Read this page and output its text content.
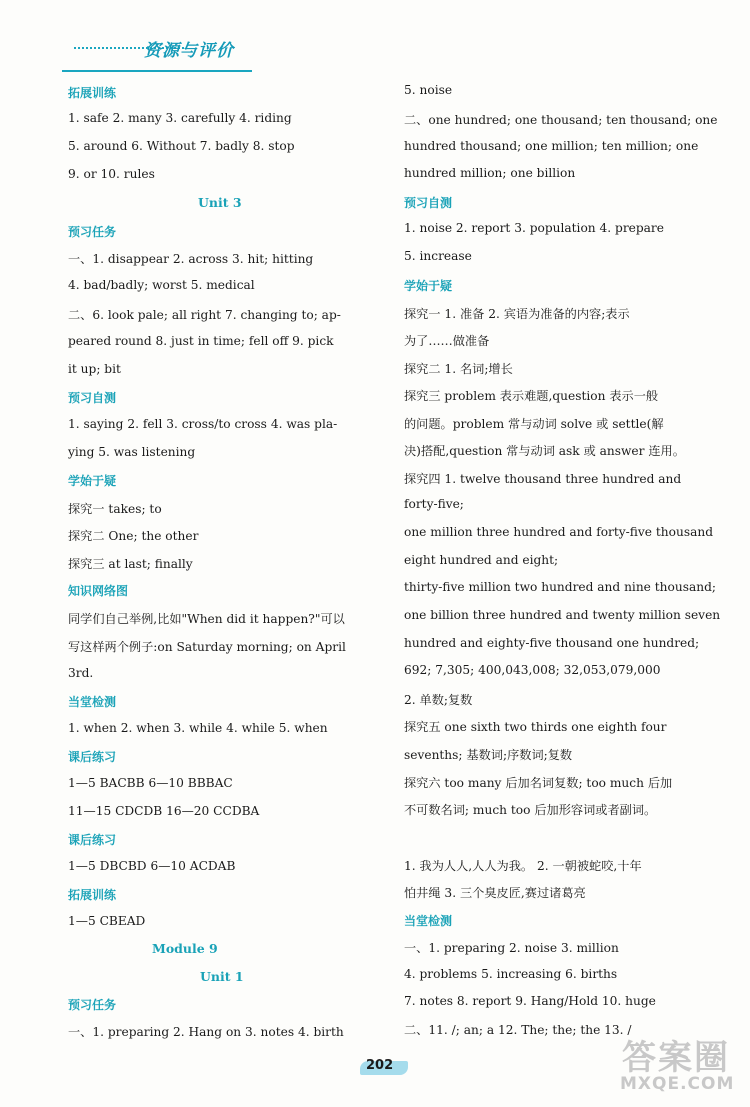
资源与评价
拓展训练
1. safe 2. many 3. carefully 4. riding
5. around 6. Without 7. badly 8. stop
9. or 10. rules
Unit 3
预习任务
一、1. disappear 2. across 3. hit; hitting
4. bad/badly; worst 5. medical
二、6. look pale; all right 7. changing to; ap-
peared round 8. just in time; fell off 9. pick
it up; bit
预习自测
1. saying 2. fell 3. cross/to cross 4. was pla-
ying 5. was listening
学始于疑
探究一 takes; to
探究二 One; the other
探究三 at last; finally
知识网络图
同学们自己举例,比如"When did it happen?"可以
写这样两个例子:on Saturday morning; on April
3rd.
当堂检测
1. when 2. when 3. while 4. while 5. when
课后练习
1—5 BACBB 6—10 BBBAC
11—15 CDCDB 16—20 CCDBA
课后练习
1—5 DBCBD 6—10 ACDAB
拓展训练
1—5 CBEAD
Module 9
Unit 1
预习任务
一、1. preparing 2. Hang on 3. notes 4. birth
5. noise
二、one hundred; one thousand; ten thousand; one
hundred thousand; one million; ten million; one
hundred million; one billion
预习自测
1. noise 2. report 3. population 4. prepare
5. increase
学始于疑
探究一 1. 准备 2. 宾语为准备的内容;表示
为了……做准备
探究二 1. 名词;增长
探究三 problem 表示难题,question 表示一般
的问题。problem 常与动词 solve 或 settle(解
决)搭配,question 常与动词 ask 或 answer 连用。
探究四 1. twelve thousand three hundred and
forty-five;
one million three hundred and forty-five thousand
eight hundred and eight;
thirty-five million two hundred and nine thousand;
one billion three hundred and twenty million seven
hundred and eighty-five thousand one hundred;
692; 7,305; 400,043,008; 32,053,079,000
2. 单数;复数
探究五 one sixth two thirds one eighth four
sevenths; 基数词;序数词;复数
探究六 too many 后加名词复数; too much 后加
不可数名词; much too 后加形容词或者副词。
1. 我为人人,人人为我。 2. 一朝被蛇咬,十年
怕井绳 3. 三个臭皮匠,赛过诸葛亮
当堂检测
一、1. preparing 2. noise 3. million
4. problems 5. increasing 6. births
7. notes 8. report 9. Hang/Hold 10. huge
二、11. /; an; a 12. The; the; the 13. /
202	答案圈
MXQE.COM
